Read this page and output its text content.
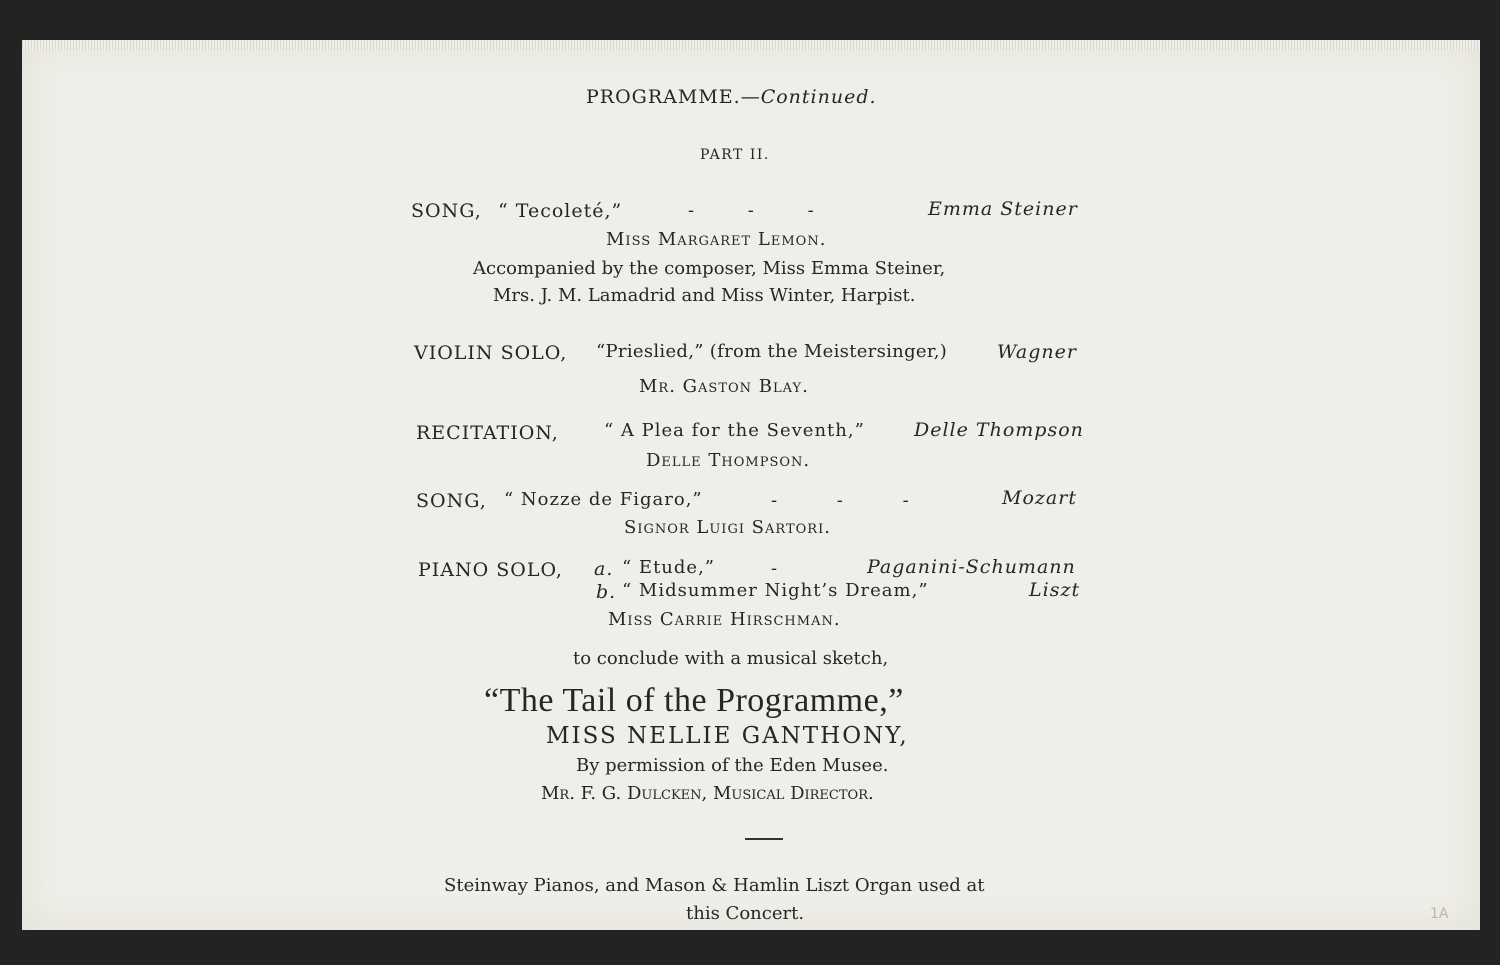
PROGRAMME.—Continued.
PART II.
SONG, “ Tecoleté,”	- - -	Emma Steiner
Miss Margaret Lemon.
Accompanied by the composer, Miss Emma Steiner,
Mrs. J. M. Lamadrid and Miss Winter, Harpist.
VIOLIN SOLO, “Prieslied,” (from the Meistersinger,)	Wagner
Mr. Gaston Blay.
RECITATION,	“ A Plea for the Seventh,”	Delle Thompson
Delle Thompson.
SONG, “ Nozze de Figaro,”	- - -	Mozart
Signor Luigi Sartori.
PIANO SOLO, a. “ Etude,”	-	Paganini-Schumann
b. “ Midsummer Night’s Dream,”	Liszt
Miss Carrie Hirschman.
to conclude with a musical sketch,
“The Tail of the Programme,”
MISS NELLIE GANTHONY,
By permission of the Eden Musee.
Mr. F. G. Dulcken, Musical Director.
Steinway Pianos, and Mason & Hamlin Liszt Organ used at
this Concert.	1A
